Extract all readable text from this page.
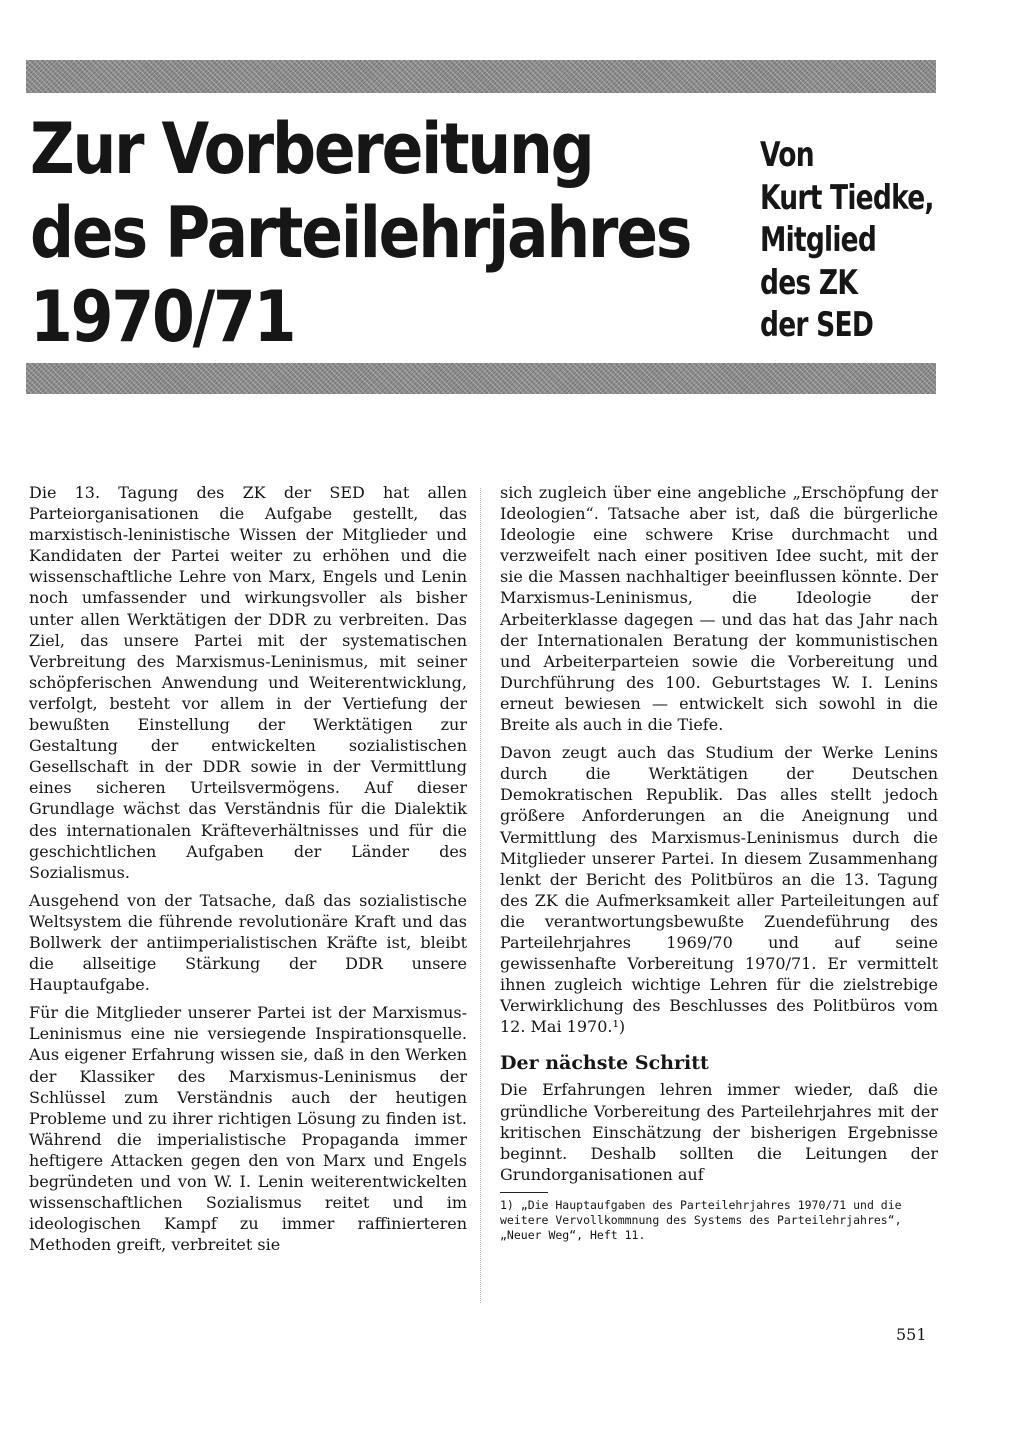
Zur Vorbereitung
des Parteilehrjahres
1970/71
Von
Kurt Tiedke,
Mitglied
des ZK
der SED

Die 13. Tagung des ZK der SED hat allen Parteiorganisationen die Aufgabe gestellt, das marxistisch-leninistische Wissen der Mitglieder und Kandidaten der Partei weiter zu erhöhen und die wissenschaftliche Lehre von Marx, Engels und Lenin noch umfassender und wirkungsvoller als bisher unter allen Werktätigen der DDR zu verbreiten. Das Ziel, das unsere Partei mit der systematischen Verbreitung des Marxismus-Leninismus, mit seiner schöpferischen Anwendung und Weiterentwicklung, verfolgt, besteht vor allem in der Vertiefung der bewußten Einstellung der Werktätigen zur Gestaltung der entwickelten sozialistischen Gesellschaft in der DDR sowie in der Vermittlung eines sicheren Urteilsvermögens. Auf dieser Grundlage wächst das Verständnis für die Dialektik des internationalen Kräfteverhältnisses und für die geschichtlichen Aufgaben der Länder des Sozialismus.

Ausgehend von der Tatsache, daß das sozialistische Weltsystem die führende revolutionäre Kraft und das Bollwerk der antiimperialistischen Kräfte ist, bleibt die allseitige Stärkung der DDR unsere Hauptaufgabe.

Für die Mitglieder unserer Partei ist der Marxismus-Leninismus eine nie versiegende Inspirationsquelle. Aus eigener Erfahrung wissen sie, daß in den Werken der Klassiker des Marxismus-Leninismus der Schlüssel zum Verständnis auch der heutigen Probleme und zu ihrer richtigen Lösung zu finden ist. Während die imperialistische Propaganda immer heftigere Attacken gegen den von Marx und Engels begründeten und von W. I. Lenin weiterentwickelten wissenschaftlichen Sozialismus reitet und im ideologischen Kampf zu immer raffinierteren Methoden greift, verbreitet sie

sich zugleich über eine angebliche „Erschöpfung der Ideologien“. Tatsache aber ist, daß die bürgerliche Ideologie eine schwere Krise durchmacht und verzweifelt nach einer positiven Idee sucht, mit der sie die Massen nachhaltiger beeinflussen könnte. Der Marxismus-Leninismus, die Ideologie der Arbeiterklasse dagegen — und das hat das Jahr nach der Internationalen Beratung der kommunistischen und Arbeiterparteien sowie die Vorbereitung und Durchführung des 100. Geburtstages W. I. Lenins erneut bewiesen — entwickelt sich sowohl in die Breite als auch in die Tiefe.

Davon zeugt auch das Studium der Werke Lenins durch die Werktätigen der Deutschen Demokratischen Republik. Das alles stellt jedoch größere Anforderungen an die Aneignung und Vermittlung des Marxismus-Leninismus durch die Mitglieder unserer Partei. In diesem Zusammenhang lenkt der Bericht des Politbüros an die 13. Tagung des ZK die Aufmerksamkeit aller Parteileitungen auf die verantwortungsbewußte Zuendeführung des Parteilehrjahres 1969/70 und auf seine gewissenhafte Vorbereitung 1970/71. Er vermittelt ihnen zugleich wichtige Lehren für die zielstrebige Verwirklichung des Beschlusses des Politbüros vom 12. Mai 1970.¹)

Der nächste Schritt

Die Erfahrungen lehren immer wieder, daß die gründliche Vorbereitung des Parteilehrjahres mit der kritischen Einschätzung der bisherigen Ergebnisse beginnt. Deshalb sollten die Leitungen der Grundorganisationen auf

1) „Die Hauptaufgaben des Parteilehrjahres 1970/71 und die weitere Vervollkommnung des Systems des Parteilehrjahres“, „Neuer Weg“, Heft 11.
551
